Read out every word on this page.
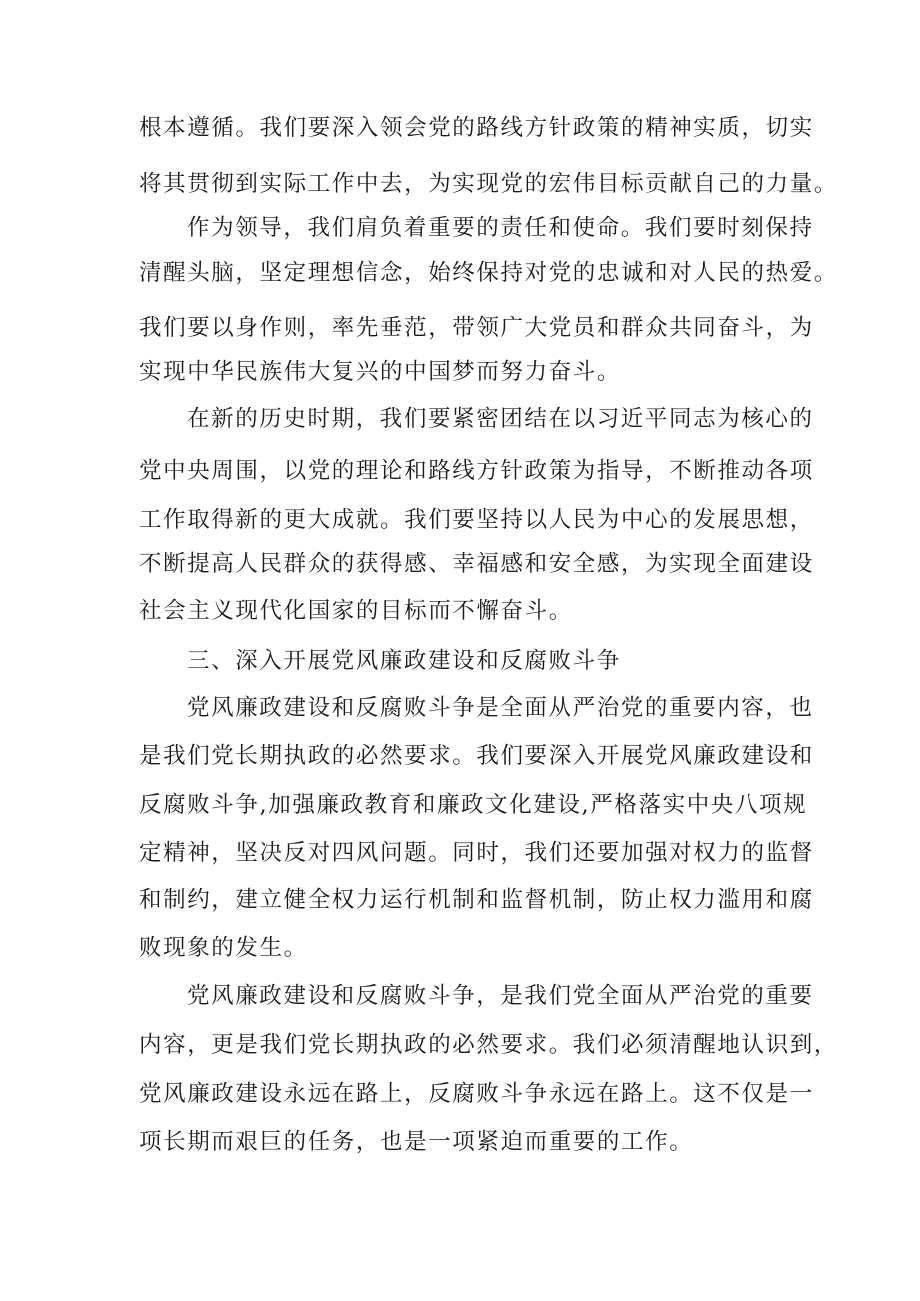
根本遵循。我们要深入领会党的路线方针政策的精神实质，切实

将其贯彻到实际工作中去，为实现党的宏伟目标贡献自己的力量。

作为领导，我们肩负着重要的责任和使命。我们要时刻保持

清醒头脑，坚定理想信念，始终保持对党的忠诚和对人民的热爱。

我们要以身作则，率先垂范，带领广大党员和群众共同奋斗，为

实现中华民族伟大复兴的中国梦而努力奋斗。

在新的历史时期，我们要紧密团结在以习近平同志为核心的

党中央周围，以党的理论和路线方针政策为指导，不断推动各项

工作取得新的更大成就。我们要坚持以人民为中心的发展思想，

不断提高人民群众的获得感、幸福感和安全感，为实现全面建设

社会主义现代化国家的目标而不懈奋斗。

三、深入开展党风廉政建设和反腐败斗争

党风廉政建设和反腐败斗争是全面从严治党的重要内容，也

是我们党长期执政的必然要求。我们要深入开展党风廉政建设和

反腐败斗争,加强廉政教育和廉政文化建设,严格落实中央八项规

定精神，坚决反对四风问题。同时，我们还要加强对权力的监督

和制约，建立健全权力运行机制和监督机制，防止权力滥用和腐

败现象的发生。

党风廉政建设和反腐败斗争，是我们党全面从严治党的重要

内容，更是我们党长期执政的必然要求。我们必须清醒地认识到，

党风廉政建设永远在路上，反腐败斗争永远在路上。这不仅是一

项长期而艰巨的任务，也是一项紧迫而重要的工作。
